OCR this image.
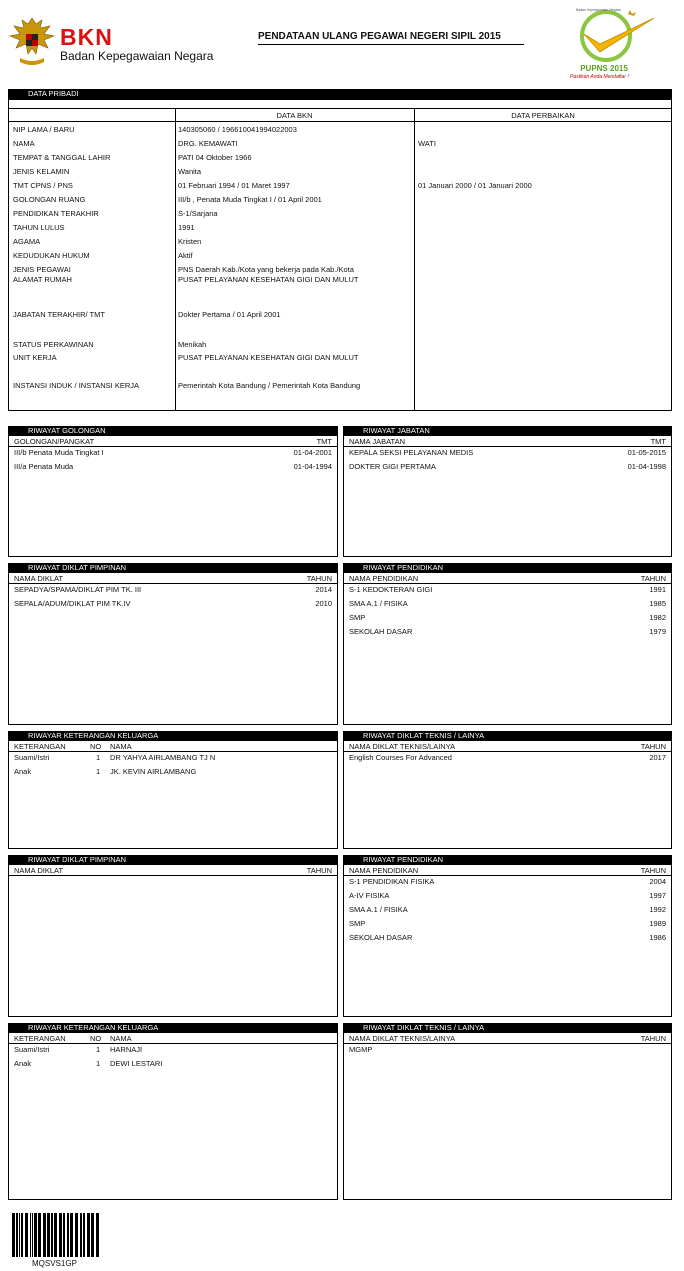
BKN
Badan Kepegawaian Negara
PENDATAAN ULANG PEGAWAI NEGERI SIPIL 2015
Badan Kepegawaian Negara
PUPNS 2015
Pastikan Anda Mendaftar !
DATA PRIBADI
DATA BKN	DATA PERBAIKAN
NIP LAMA / BARU	140305060 / 196610041994022003
NAMA	DRG. KEMAWATI	WATI
TEMPAT & TANGGAL LAHIR	PATI 04 Oktober 1966
JENIS KELAMIN	Wanita
TMT CPNS / PNS	01 Februari 1994 / 01 Maret 1997	01 Januari 2000 / 01 Januari 2000
GOLONGAN RUANG	III/b , Penata Muda Tingkat I / 01 April 2001
PENDIDIKAN TERAKHIR	S-1/Sarjana
TAHUN LULUS	1991
AGAMA	Kristen
KEDUDUKAN HUKUM	Aktif
JENIS PEGAWAI	PNS Daerah Kab./Kota yang bekerja pada Kab./Kota
ALAMAT RUMAH	PUSAT PELAYANAN KESEHATAN GIGI DAN MULUT
JABATAN TERAKHIR/ TMT	Dokter Pertama / 01 April 2001
STATUS PERKAWINAN	Menikah
UNIT KERJA	PUSAT PELAYANAN KESEHATAN GIGI DAN MULUT
INSTANSI INDUK / INSTANSI KERJA	Pemerintah Kota Bandung / Pemerintah Kota Bandung
RIWAYAT GOLONGAN
GOLONGAN/PANGKAT	TMT
III/b Penata Muda Tingkat I	01-04-2001
III/a Penata Muda	01-04-1994
RIWAYAT JABATAN
NAMA JABATAN	TMT
KEPALA SEKSI PELAYANAN MEDIS	01-05-2015
DOKTER GIGI PERTAMA	01-04-1998
RIWAYAT DIKLAT PIMPINAN
NAMA DIKLAT	TAHUN
SEPADYA/SPAMA/DIKLAT PIM TK. III	2014
SEPALA/ADUM/DIKLAT PIM TK.IV	2010
RIWAYAT PENDIDIKAN
NAMA PENDIDIKAN	TAHUN
S-1 KEDOKTERAN GIGI	1991
SMA A.1 / FISIKA	1985
SMP	1982
SEKOLAH DASAR	1979
RIWAYAR KETERANGAN KELUARGA
KETERANGAN	NO NAMA
Suami/Istri	1 DR YAHYA AIRLAMBANG TJ N
Anak	1 JK. KEVIN AIRLAMBANG
RIWAYAT DIKLAT TEKNIS / LAINYA
NAMA DIKLAT TEKNIS/LAINYA	TAHUN
English Courses For Advanced	2017
RIWAYAT DIKLAT PIMPINAN
NAMA DIKLAT	TAHUN
RIWAYAT PENDIDIKAN
NAMA PENDIDIKAN	TAHUN
S-1 PENDIDIKAN FISIKA	2004
A-IV FISIKA	1997
SMA A.1 / FISIKA	1992
SMP	1989
SEKOLAH DASAR	1986
RIWAYAR KETERANGAN KELUARGA
KETERANGAN	NO NAMA
Suami/Istri	1 HARNAJI
Anak	1 DEWI LESTARI
RIWAYAT DIKLAT TEKNIS / LAINYA
NAMA DIKLAT TEKNIS/LAINYA	TAHUN
MGMP
MQSVS1GP
